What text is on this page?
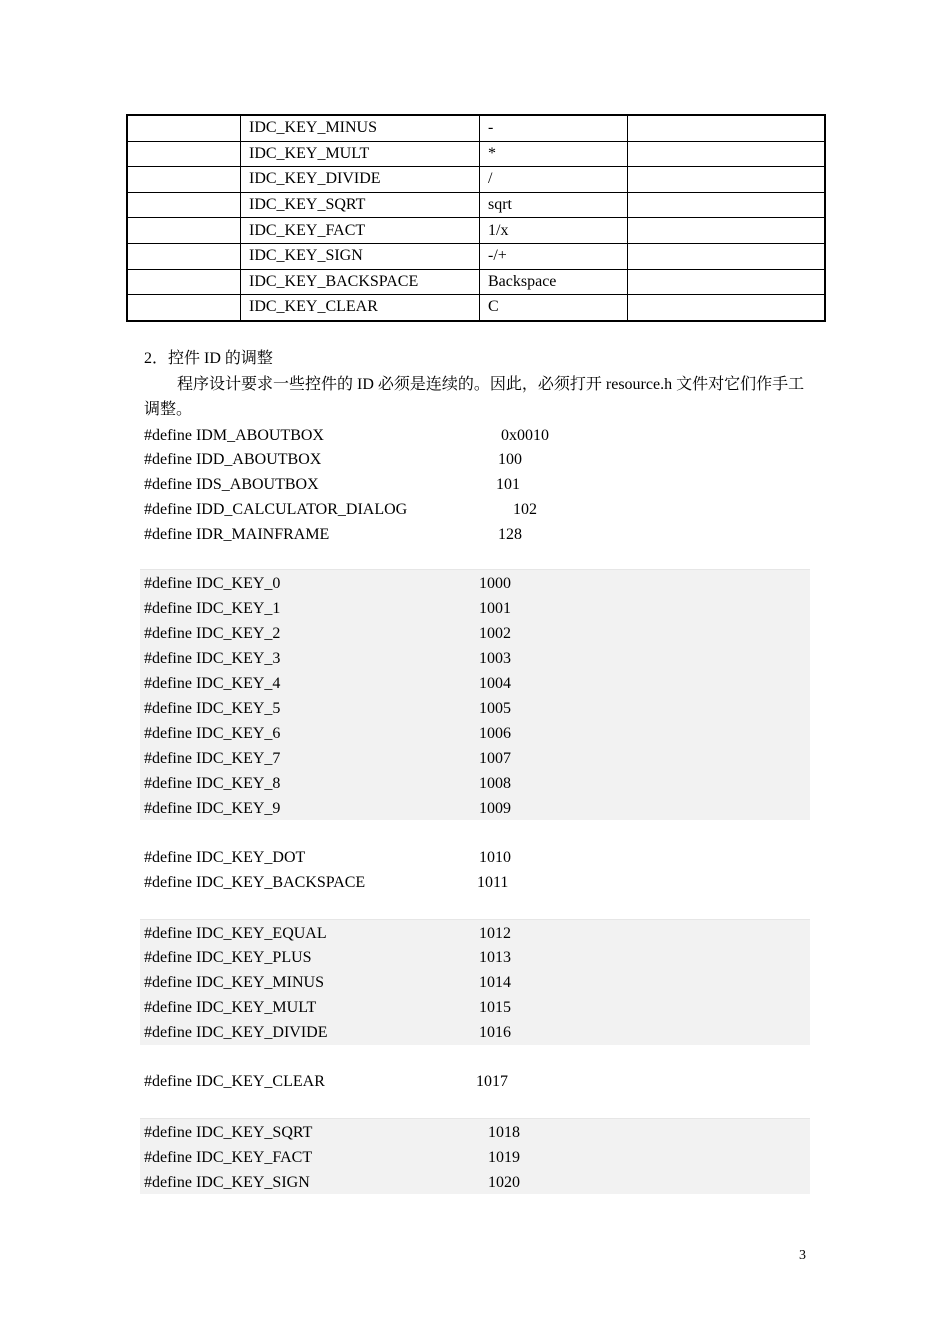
	IDC_KEY_MINUS	-	
	IDC_KEY_MULT	*	
	IDC_KEY_DIVIDE	/	
	IDC_KEY_SQRT	sqrt	
	IDC_KEY_FACT	1/x	
	IDC_KEY_SIGN	-/+	
	IDC_KEY_BACKSPACE	Backspace	
	IDC_KEY_CLEAR	C	
2．控件 ID 的调整
程序设计要求一些控件的 ID 必须是连续的。因此，必须打开 resource.h 文件对它们作手工调整。
#define IDM_ABOUTBOX	0x0010
#define IDD_ABOUTBOX	100
#define IDS_ABOUTBOX	101
#define IDD_CALCULATOR_DIALOG	102
#define IDR_MAINFRAME	128
#define IDC_KEY_0	1000
#define IDC_KEY_1	1001
#define IDC_KEY_2	1002
#define IDC_KEY_3	1003
#define IDC_KEY_4	1004
#define IDC_KEY_5	1005
#define IDC_KEY_6	1006
#define IDC_KEY_7	1007
#define IDC_KEY_8	1008
#define IDC_KEY_9	1009
#define IDC_KEY_DOT	1010
#define IDC_KEY_BACKSPACE	1011
#define IDC_KEY_EQUAL	1012
#define IDC_KEY_PLUS	1013
#define IDC_KEY_MINUS	1014
#define IDC_KEY_MULT	1015
#define IDC_KEY_DIVIDE	1016
#define IDC_KEY_CLEAR	1017
#define IDC_KEY_SQRT	1018
#define IDC_KEY_FACT	1019
#define IDC_KEY_SIGN	1020
3
